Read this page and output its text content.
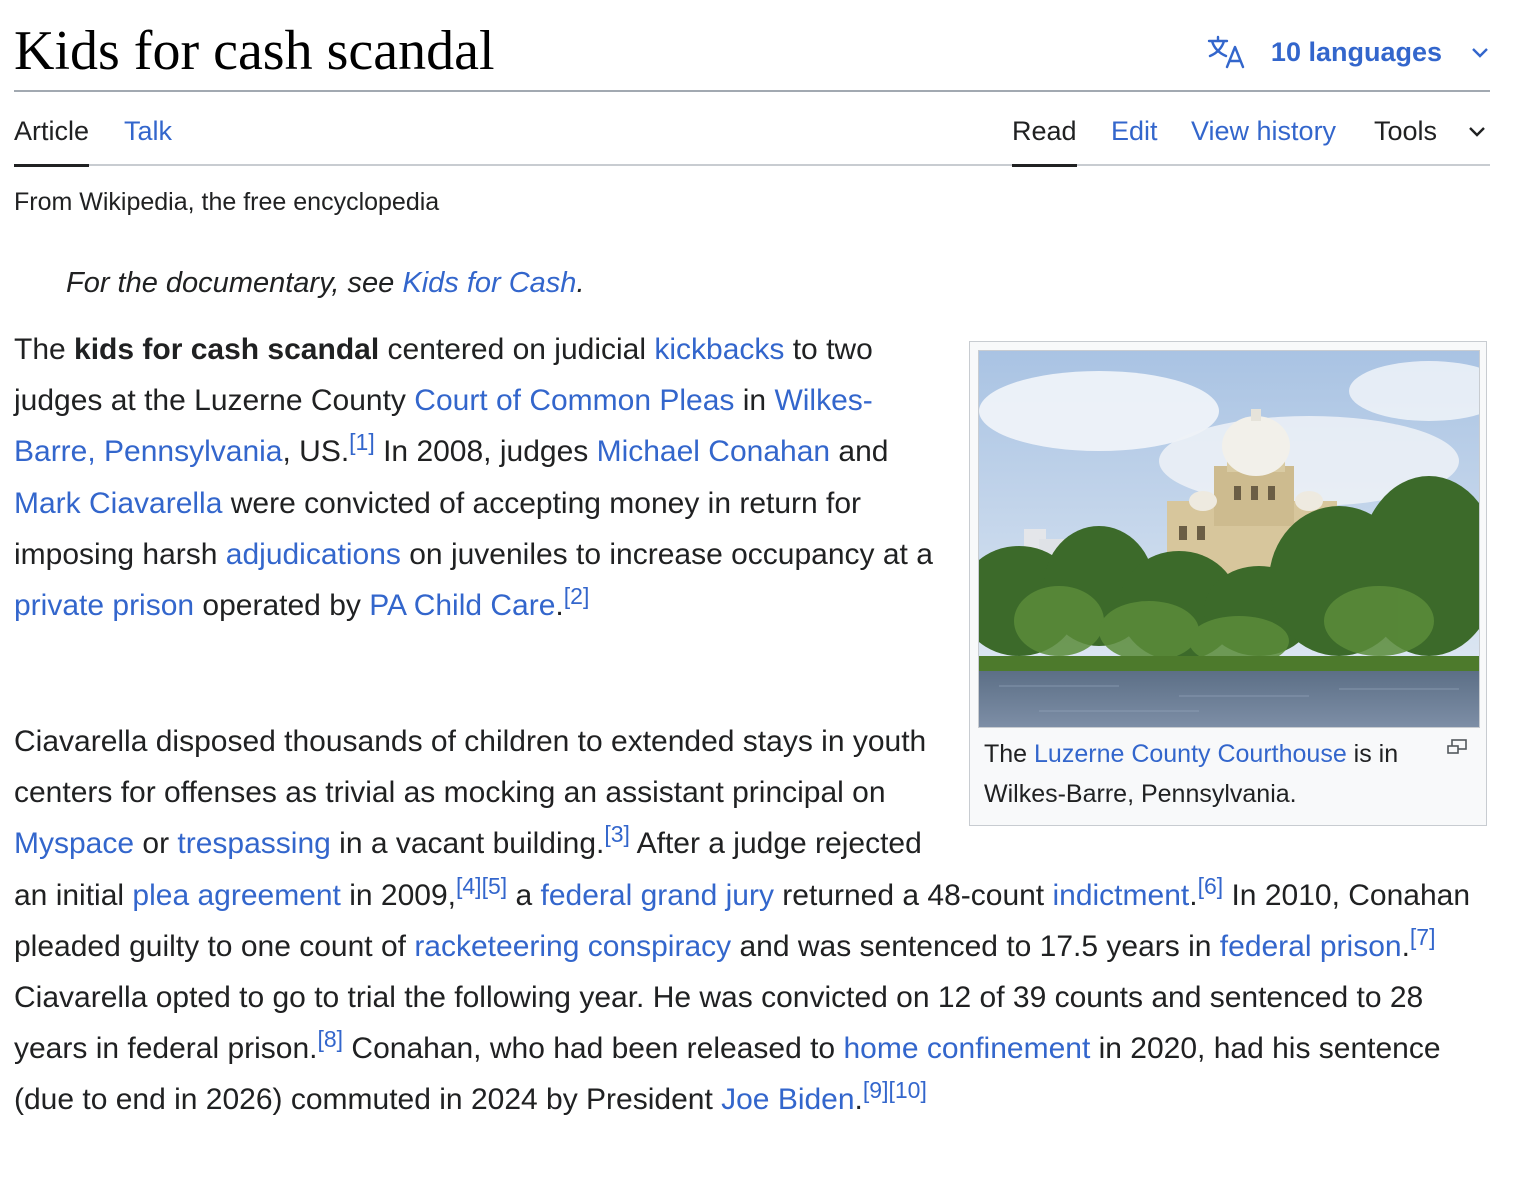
Kids for cash scandal	10 languages
Article Talk	Read Edit View history Tools
From Wikipedia, the free encyclopedia
For the documentary, see Kids for Cash.

The kids for cash scandal centered on judicial kickbacks to two judges at the Luzerne County Court of Common Pleas in Wilkes-Barre, Pennsylvania, US.[1] In 2008, judges Michael Conahan and Mark Ciavarella were convicted of accepting money in return for imposing harsh adjudications on juveniles to increase occupancy at a private prison operated by PA Child Care.[2]

Ciavarella disposed thousands of children to extended stays in youth centers for offenses as trivial as mocking an assistant principal on Myspace or trespassing in a vacant building.[3] After a judge rejected an initial plea agreement in 2009,[4][5] a federal grand jury returned a 48-count indictment.[6] In 2010, Conahan pleaded guilty to one count of racketeering conspiracy and was sentenced to 17.5 years in federal prison.[7] Ciavarella opted to go to trial the following year. He was convicted on 12 of 39 counts and sentenced to 28 years in federal prison.[8] Conahan, who had been released to home confinement in 2020, had his sentence (due to end in 2026) commuted in 2024 by President Joe Biden.[9][10]

The Luzerne County Courthouse is in Wilkes-Barre, Pennsylvania.
